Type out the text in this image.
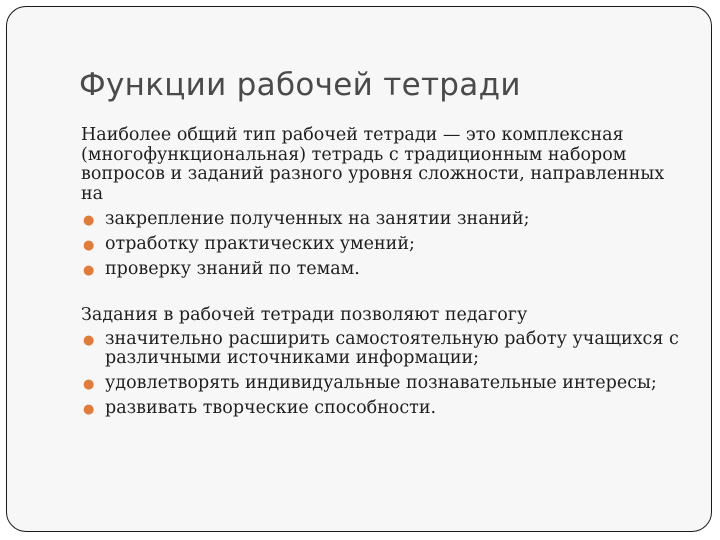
Функции рабочей тетради

Наиболее общий тип рабочей тетради — это комплексная (многофункциональная) тетрадь с традиционным набором вопросов и заданий разного уровня сложности, направленных на

● закрепление полученных на занятии знаний;
● отработку практических умений;
● проверку знаний по темам.

Задания в рабочей тетради позволяют педагогу

● значительно расширить самостоятельную работу учащихся с различными источниками информации;
● удовлетворять индивидуальные познавательные интересы;
● развивать творческие способности.
